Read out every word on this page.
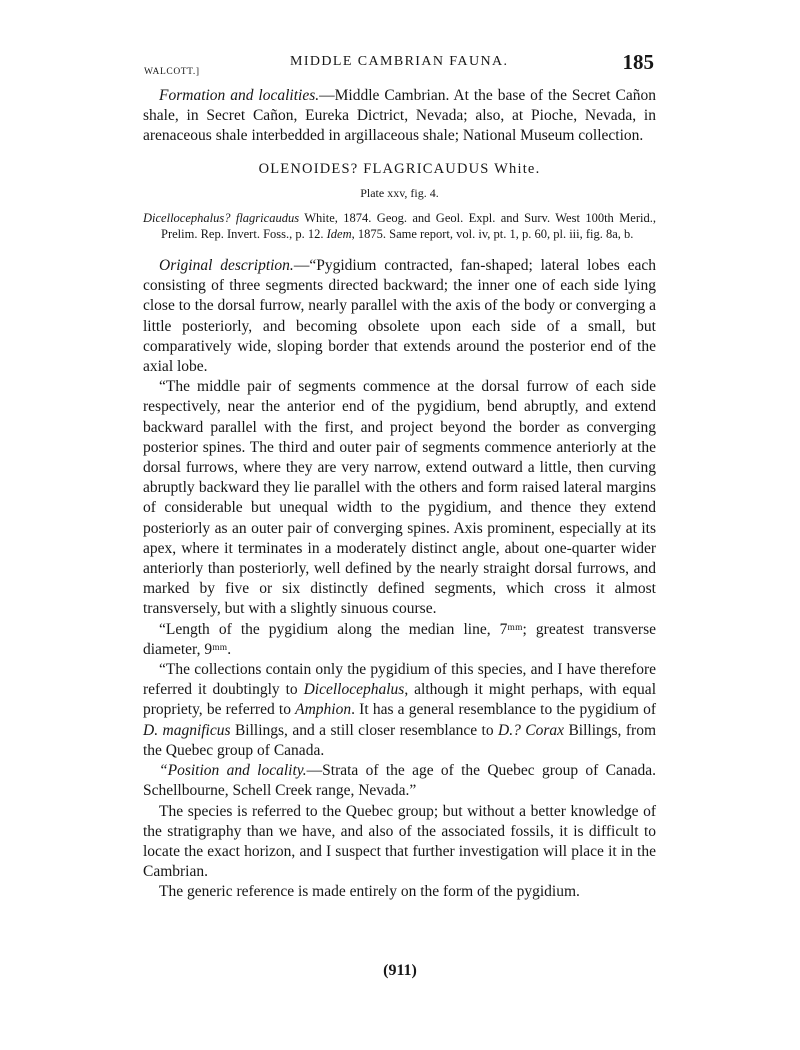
WALCOTT.]
MIDDLE CAMBRIAN FAUNA.	185

Formation and localities.—Middle Cambrian. At the base of the Secret Cañon shale, in Secret Cañon, Eureka Dictrict, Nevada; also, at Pioche, Nevada, in arenaceous shale interbedded in argillaceous shale; National Museum collection.

OLENOIDES? FLAGRICAUDUS White.

Plate xxv, fig. 4.

Dicellocephalus? flagricaudus White, 1874. Geog. and Geol. Expl. and Surv. West 100th Merid., Prelim. Rep. Invert. Foss., p. 12. Idem, 1875. Same report, vol. iv, pt. 1, p. 60, pl. iii, fig. 8a, b.

Original description.—“Pygidium contracted, fan-shaped; lateral lobes each consisting of three segments directed backward; the inner one of each side lying close to the dorsal furrow, nearly parallel with the axis of the body or converging a little posteriorly, and becoming obsolete upon each side of a small, but comparatively wide, sloping border that extends around the posterior end of the axial lobe.

“The middle pair of segments commence at the dorsal furrow of each side respectively, near the anterior end of the pygidium, bend abruptly, and extend backward parallel with the first, and project beyond the border as converging posterior spines. The third and outer pair of segments commence anteriorly at the dorsal furrows, where they are very narrow, extend outward a little, then curving abruptly backward they lie parallel with the others and form raised lateral margins of considerable but unequal width to the pygidium, and thence they extend posteriorly as an outer pair of converging spines. Axis prominent, especially at its apex, where it terminates in a moderately distinct angle, about one-quarter wider anteriorly than posteriorly, well defined by the nearly straight dorsal furrows, and marked by five or six distinctly defined segments, which cross it almost transversely, but with a slightly sinuous course.

“Length of the pygidium along the median line, 7ᵐᵐ; greatest transverse diameter, 9ᵐᵐ.

“The collections contain only the pygidium of this species, and I have therefore referred it doubtingly to Dicellocephalus, although it might perhaps, with equal propriety, be referred to Amphion. It has a general resemblance to the pygidium of D. magnificus Billings, and a still closer resemblance to D.? Corax Billings, from the Quebec group of Canada.

“Position and locality.—Strata of the age of the Quebec group of Canada. Schellbourne, Schell Creek range, Nevada.”

The species is referred to the Quebec group; but without a better knowledge of the stratigraphy than we have, and also of the associated fossils, it is difficult to locate the exact horizon, and I suspect that further investigation will place it in the Cambrian.

The generic reference is made entirely on the form of the pygidium.

(911)
